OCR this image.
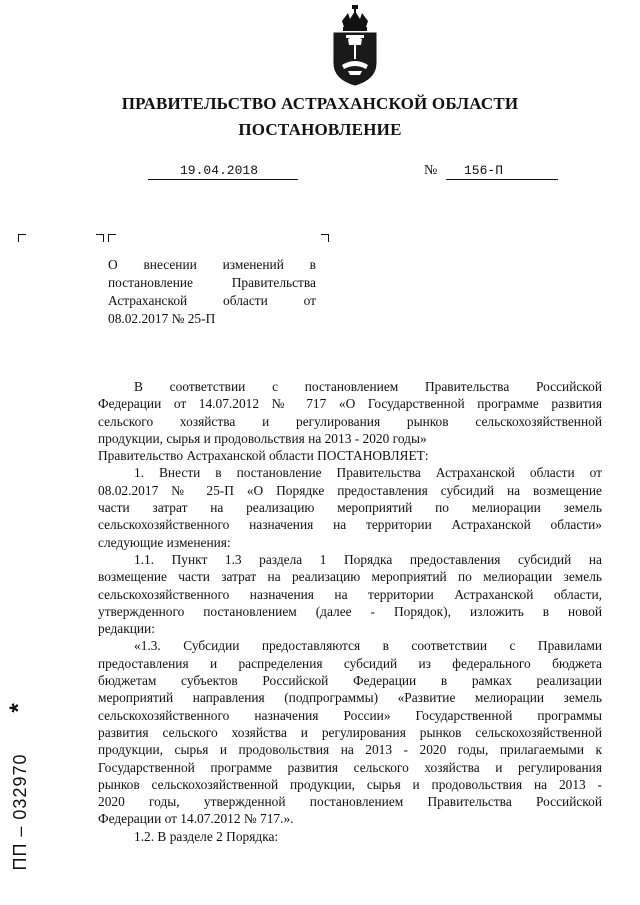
ПРАВИТЕЛЬСТВО АСТРАХАНСКОЙ ОБЛАСТИ
ПОСТАНОВЛЕНИЕ
19.04.2018	№ 156-П
О внесении изменений в
постановление Правительства
Астраханской области от
08.02.2017 № 25-П
В соответствии с постановлением Правительства Российской
Федерации от 14.07.2012 № 717 «О Государственной программе развития
сельского хозяйства и регулирования рынков сельскохозяйственной
продукции, сырья и продовольствия на 2013 - 2020 годы»
Правительство Астраханской области ПОСТАНОВЛЯЕТ:
1. Внести в постановление Правительства Астраханской области от
08.02.2017 № 25-П «О Порядке предоставления субсидий на возмещение
части затрат на реализацию мероприятий по мелиорации земель
сельскохозяйственного назначения на территории Астраханской области»
следующие изменения:
1.1. Пункт 1.3 раздела 1 Порядка предоставления субсидий на
возмещение части затрат на реализацию мероприятий по мелиорации земель
сельскохозяйственного назначения на территории Астраханской области,
утвержденного постановлением (далее - Порядок), изложить в новой
редакции:
«1.3. Субсидии предоставляются в соответствии с Правилами
предоставления и распределения субсидий из федерального бюджета
бюджетам субъектов Российской Федерации в рамках реализации
мероприятий направления (подпрограммы) «Развитие мелиорации земель
сельскохозяйственного назначения России» Государственной программы
развития сельского хозяйства и регулирования рынков сельскохозяйственной
продукции, сырья и продовольствия на 2013 - 2020 годы, прилагаемыми к
Государственной программе развития сельского хозяйства и регулирования
рынков сельскохозяйственной продукции, сырья и продовольствия на 2013 -
2020 годы, утвержденной постановлением Правительства Российской
Федерации от 14.07.2012 № 717.».
1.2. В разделе 2 Порядка:
*
ПП – 032970
